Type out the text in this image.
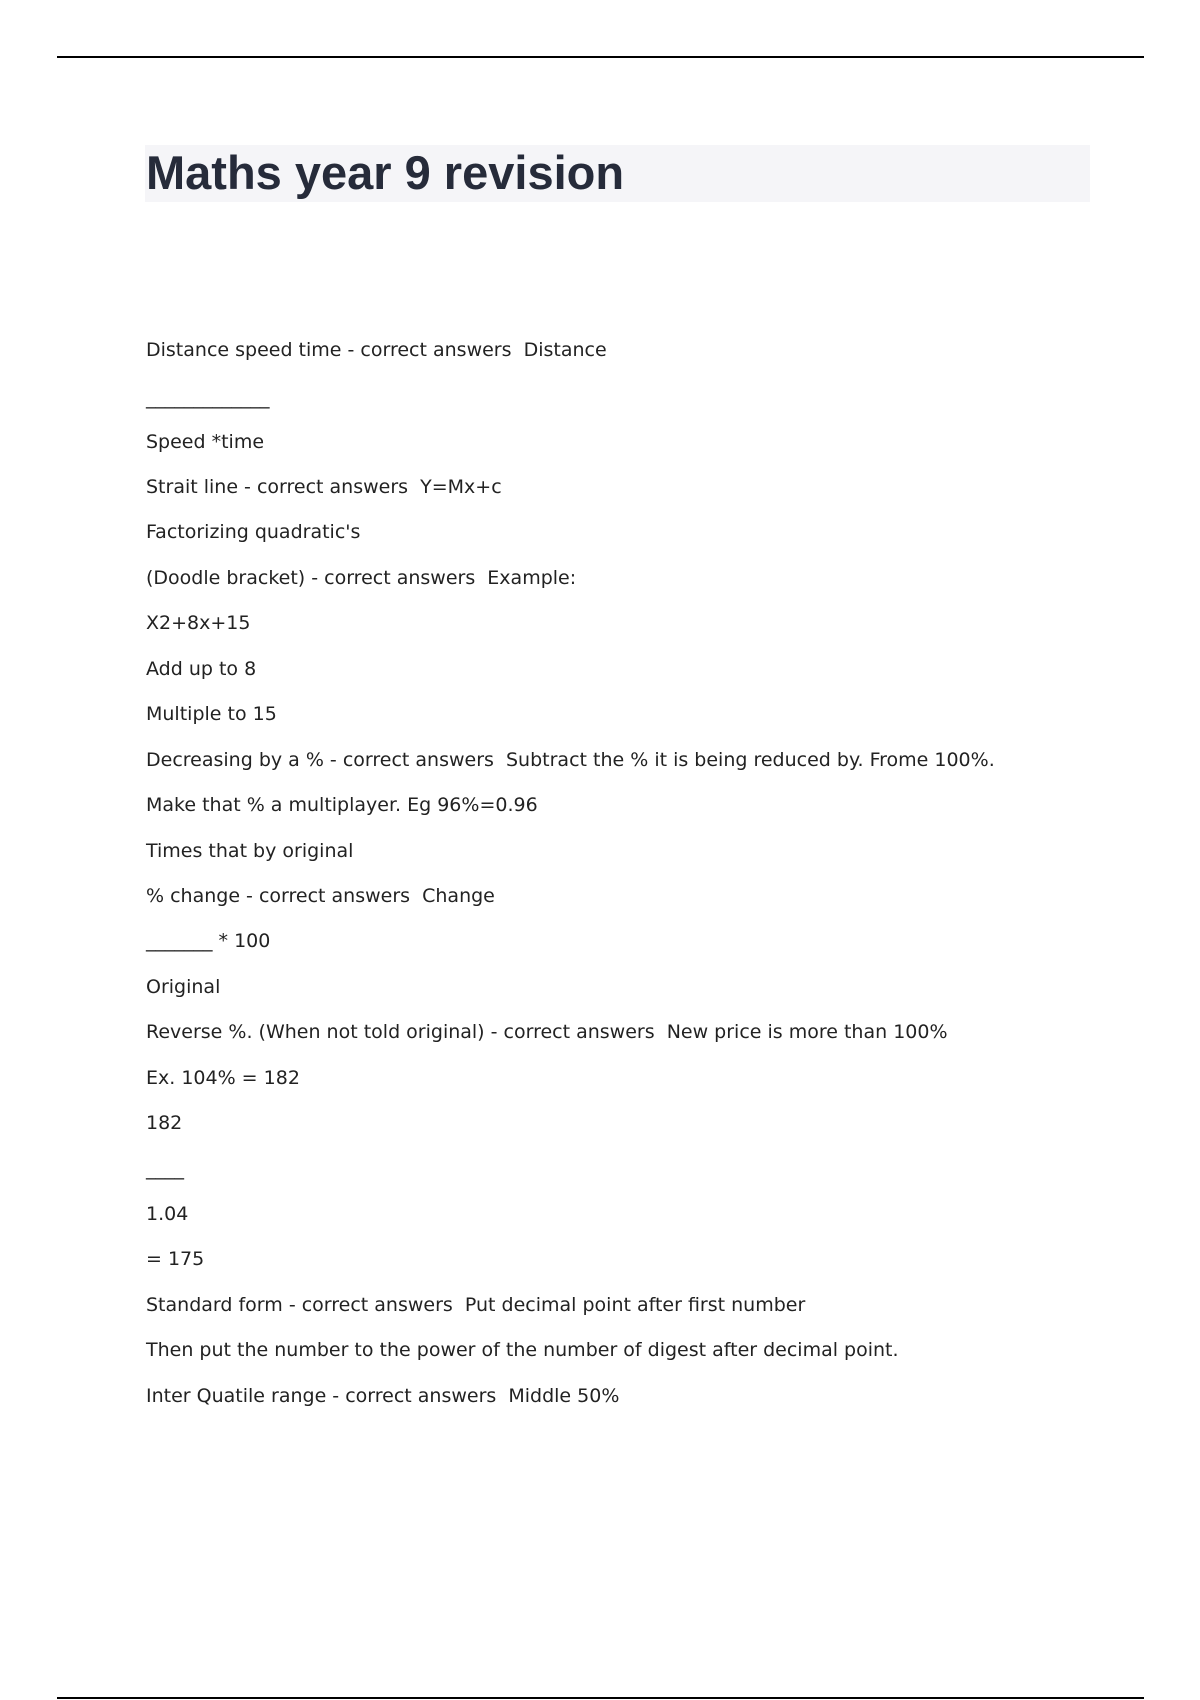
Maths year 9 revision
Distance speed time - correct answers  Distance
_____________
Speed *time
Strait line - correct answers  Y=Mx+c
Factorizing quadratic's
(Doodle bracket) - correct answers  Example:
X2+8x+15
Add up to 8
Multiple to 15
Decreasing by a % - correct answers  Subtract the % it is being reduced by. Frome 100%.
Make that % a multiplayer. Eg 96%=0.96
Times that by original
% change - correct answers  Change
_______ * 100
Original
Reverse %. (When not told original) - correct answers  New price is more than 100%
Ex. 104% = 182
182
____
1.04
= 175
Standard form - correct answers  Put decimal point after first number
Then put the number to the power of the number of digest after decimal point.
Inter Quatile range - correct answers  Middle 50%
